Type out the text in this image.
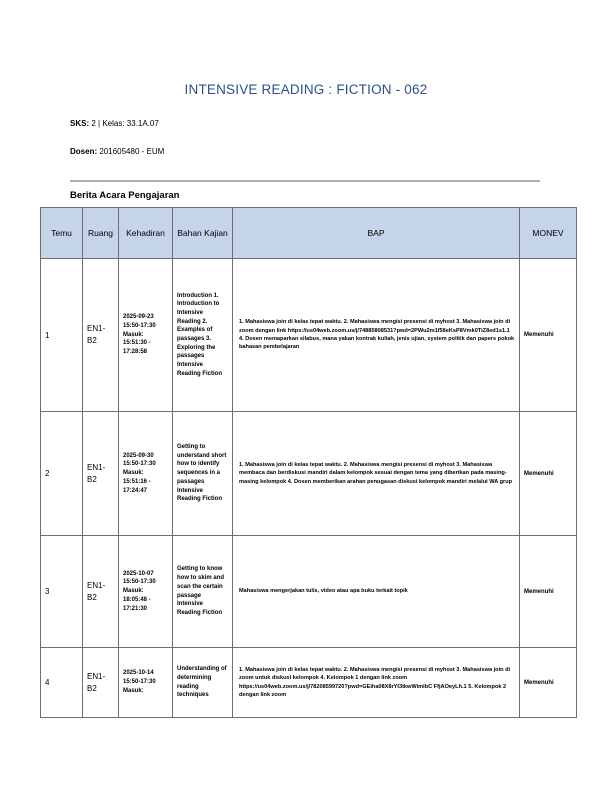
INTENSIVE READING : FICTION - 062
SKS: 2 | Kelas: 33.1A.07
Dosen: 201605480 - EUM
Berita Acara Pengajaran
Temu	Ruang	Kehadiran	Bahan Kajian	BAP	MONEV
1	EN1-B2	2025-09-23 15:50-17:30 Masuk: 15:51:30 - 17:28:58	Introduction 1. Introduction to Intensive Reading 2. Examples of passages 3. Exploring the passages Intensive Reading Fiction	1. Mahasiswa join di kelas tepat waktu. 2. Mahasiswa mengisi presensi di myhost 3. Mahasiswa join di zoom dengan link https://us04web.zoom.us/j/74885808531?pwd=2PWu2m1f58eKsP8Vmk0TiZ8ed1s1.1 4. Dosen memaparkan silabus, mana yakan kontrak kuliah, jenis ujian, system politik dan papers pokok bahasan pembelajaran	Memenuhi
2	EN1-B2	2025-09-30 15:50-17:30 Masuk: 15:51:16 - 17:24:47	Getting to understand short how to identify sequences in a passages Intensive Reading Fiction	1. Mahasiswa join di kelas tepat waktu. 2. Mahasiswa mengisi presensi di myhost 3. Mahasiswa membaca dan berdiskusi mandiri dalam kelompok sesuai dengan tema yang diberikan pada masing-masing kelompok 4. Dosen memberikan arahan penugasan diskusi kelompok mandiri melalui WA grup	Memenuhi
3	EN1-B2	2025-10-07 15:50-17:30 Masuk: 18:05:48 - 17:21:30	Getting to know how to skim and scan the certain passage Intensive Reading Fiction	Mahasiswa mengerjakan tulis, video atau apa buku terkait topik	Memenuhi
4	EN1-B2	2025-10-14 15:50-17:30 Masuk:	Understanding of determining reading techniques	1. Mahasiswa join di kelas tepat waktu. 2. Mahasiswa mengisi presensi di myhost 3. Mahasiswa join di zoom untuk diskusi kelompok 4. Kelompok 1 dengan link zoom https://us04web.zoom.us/j/78208599720?pwd=GEiha08X8rYI3tkwWimlbC FfjAOeyLh.1 5. Kelompok 2 dengan link zoom	Memenuhi
